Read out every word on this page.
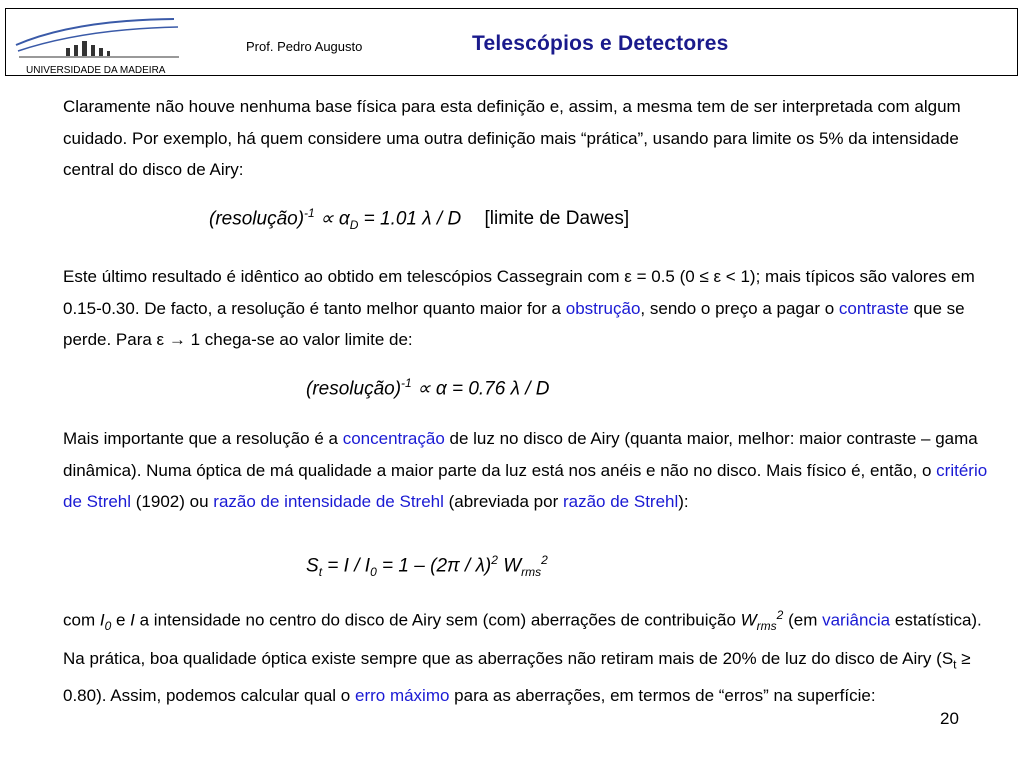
UNIVERSIDADE DA MADEIRA
Prof. Pedro Augusto	Telescópios e Detectores

Claramente não houve nenhuma base física para esta definição e, assim, a mesma tem de ser interpretada com algum cuidado. Por exemplo, há quem considere uma outra definição mais “prática”, usando para limite os 5% da intensidade central do disco de Airy:

(resolução)$^{-1}$ ∝ $\alpha_D = 1.01$ λ / D [limite de Dawes]

Este último resultado é idêntico ao obtido em telescópios Cassegrain com ε = 0.5 (0 ≤ ε < 1); mais típicos são valores em 0.15-0.30. De facto, a resolução é tanto melhor quanto maior for a obstrução, sendo o preço a pagar o contraste que se perde. Para ε → 1 chega-se ao valor limite de:

(resolução)$^{-1}$ ∝ α = 0.76 λ / D

Mais importante que a resolução é a concentração de luz no disco de Airy (quanta maior, melhor: maior contraste – gama dinâmica). Numa óptica de má qualidade a maior parte da luz está nos anéis e não no disco. Mais físico é, então, o critério de Strehl (1902) ou razão de intensidade de Strehl (abreviada por razão de Strehl):

$S_t = I / I_0 = 1 - (2\pi / \lambda)^2$ $W_{rms}^2$

com $I_0$ e I a intensidade no centro do disco de Airy sem (com) aberrações de contribuição $W_{rms}^2$ (em variância estatística). Na prática, boa qualidade óptica existe sempre que as aberrações não retiram mais de 20% de luz do disco de Airy $(S_t \ge 0.80)$. Assim, podemos calcular qual o erro máximo para as aberrações, em termos de “erros” na superfície:

20
